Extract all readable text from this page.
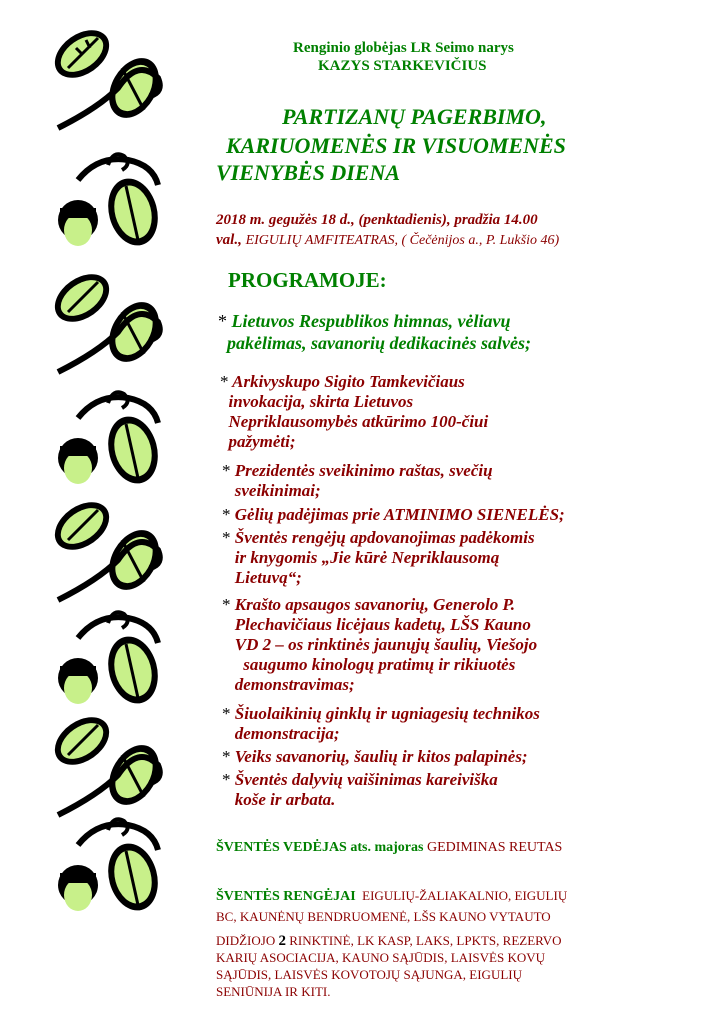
Renginio globėjas LR Seimo narys
KAZYS STARKEVIČIUS
PARTIZANŲ PAGERBIMO,
KARIUOMENĖS IR VISUOMENĖS
VIENYBĖS DIENA
2018 m. gegužės 18 d., (penktadienis), pradžia 14.00
val., EIGULIŲ AMFITEATRAS, ( Čečėnijos a., P. Lukšio 46)
PROGRAMOJE:
* Lietuvos Respublikos himnas, vėliavų
pakėlimas, savanorių dedikacinės salvės;
* Arkivyskupo Sigito Tamkevičiaus
invokacija, skirta Lietuvos
Nepriklausomybės atkūrimo 100-čiui
pažymėti;
* Prezidentės sveikinimo raštas, svečių
sveikinimai;
* Gėlių padėjimas prie ATMINIMO SIENELĖS;
* Šventės rengėjų apdovanojimas padėkomis
ir knygomis „Jie kūrė Nepriklausomą
Lietuvą“;
* Krašto apsaugos savanorių, Generolo P.
Plechavičiaus licėjaus kadetų, LŠS Kauno
VD 2 – os rinktinės jaunųjų šaulių, Viešojo
saugumo kinologų pratimų ir rikiuotės
demonstravimas;
* Šiuolaikinių ginklų ir ugniagesių technikos
demonstracija;
* Veiks savanorių, šaulių ir kitos palapinės;
* Šventės dalyvių vaišinimas kareiviška
koše ir arbata.
ŠVENTĖS VEDĖJAS ats. majoras GEDIMINAS REUTAS
ŠVENTĖS RENGĖJAI EIGULIŲ-ŽALIAKALNIO, EIGULIŲ
BC, KAUNĖNŲ BENDRUOMENĖ, LŠS KAUNO VYTAUTO
DIDŽIOJO 2 RINKTINĖ, LK KASP, LAKS, LPKTS, REZERVO
KARIŲ ASOCIACIJA, KAUNO SĄJŪDIS, LAISVĖS KOVŲ
SĄJŪDIS, LAISVĖS KOVOTOJŲ SĄJUNGA, EIGULIŲ
SENIŪNIJA IR KITI.
